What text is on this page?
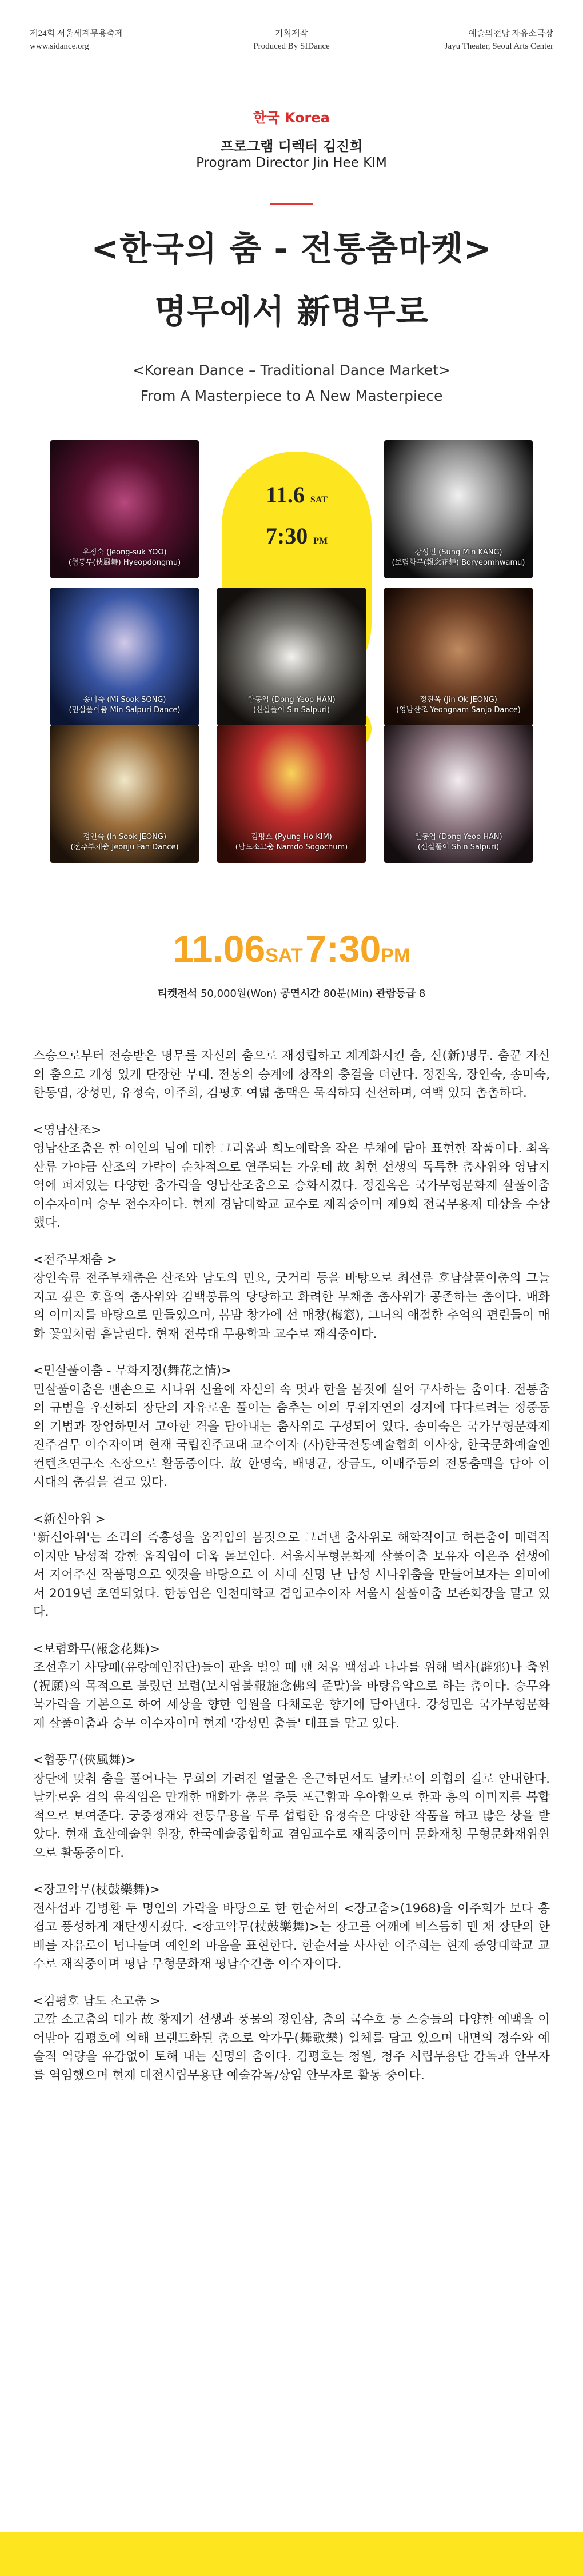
제24회 서울세계무용축제
www.sidance.org
기획제작
Produced By SIDance
예술의전당 자유소극장
Jayu Theater, Seoul Arts Center
한국 Korea
프로그램 디렉터 김진희
Program Director Jin Hee KIM
<한국의 춤 - 전통춤마켓>
명무에서 新명무로
<Korean Dance – Traditional Dance Market>
From A Masterpiece to A New Masterpiece
11.6 SAT
7:30 PM
유정숙 (Jeong-suk YOO)
(협동무(俠風舞) Hyeopdongmu)
강성민 (Sung Min KANG)
(보렴화무(報念花舞) Boryeomhwamu)
송미숙 (Mi Sook SONG)
(민살풀이춤 Min Salpuri Dance)
한동엽 (Dong Yeop HAN)
(신살풀이 Sin Salpuri)
정진옥 (Jin Ok JEONG)
(영남산조 Yeongnam Sanjo Dance)
정인숙 (In Sook JEONG)
(전주부채춤 Jeonju Fan Dance)
김평호 (Pyung Ho KIM)
(남도소고춤 Namdo Sogochum)
한동엽 (Dong Yeop HAN)
(신살풀이 Shin Salpuri)
11.06SAT 7:30PM
티켓전석 50,000원(Won) 공연시간 80분(Min) 관람등급 8

스승으로부터 전승받은 명무를 자신의 춤으로 재정립하고 체계화시킨 춤, 신(新)명무. 춤꾼 자신의 춤으로 개성 있게 단장한 무대. 전통의 승계에 창작의 충결을 더한다. 정진옥, 장인숙, 송미숙, 한동엽, 강성민, 유정숙, 이주희, 김평호 여덟 춤맥은 묵직하되 신선하며, 여백 있되 촘촘하다.

<영남산조>

영남산조춤은 한 여인의 님에 대한 그리움과 희노애락을 작은 부채에 담아 표현한 작품이다. 최옥산류 가야금 산조의 가락이 순차적으로 연주되는 가운데 故 최현 선생의 독특한 춤사위와 영남지역에 퍼져있는 다양한 춤가락을 영남산조춤으로 승화시켰다. 정진옥은 국가무형문화재 살풀이춤 이수자이며 승무 전수자이다. 현재 경남대학교 교수로 재직중이며 제9회 전국무용제 대상을 수상했다.

<전주부채춤 >

장인숙류 전주부채춤은 산조와 남도의 민요, 굿거리 등을 바탕으로 최선류 호남살풀이춤의 그늘지고 깊은 호흡의 춤사위와 김백봉류의 당당하고 화려한 부채춤 춤사위가 공존하는 춤이다. 매화의 이미지를 바탕으로 만들었으며, 봄밤 창가에 선 매창(梅窓), 그녀의 애절한 추억의 편린들이 매화 꽃잎처럼 흩날린다. 현재 전북대 무용학과 교수로 재직중이다.

<민살풀이춤 - 무화지정(舞花之情)>

민살풀이춤은 맨손으로 시나위 선율에 자신의 속 멋과 한을 몸짓에 실어 구사하는 춤이다. 전통춤의 규범을 우선하되 장단의 자유로운 풀이는 춤추는 이의 무위자연의 경지에 다다르려는 정중동의 기법과 장엄하면서 고아한 격을 담아내는 춤사위로 구성되어 있다. 송미숙은 국가무형문화재 진주검무 이수자이며 현재 국립진주교대 교수이자 (사)한국전통예술협회 이사장, 한국문화예술엔컨텐츠연구소 소장으로 활동중이다. 故 한영숙, 배명균, 장금도, 이매주등의 전통춤맥을 담아 이 시대의 춤길을 걷고 있다.

<新신아위 >

'新신아위'는 소리의 즉흥성을 움직임의 몸짓으로 그려낸 춤사위로 해학적이고 허튼춤이 매력적이지만 남성적 강한 움직임이 더욱 돋보인다. 서울시무형문화재 살풀이춤 보유자 이은주 선생에서 지어주신 작품명으로 옛것을 바탕으로 이 시대 신명 난 남성 시나위춤을 만들어보자는 의미에서 2019년 초연되었다. 한동엽은 인천대학교 겸임교수이자 서울시 살풀이춤 보존회장을 맡고 있다.

<보렴화무(報念花舞)>

조선후기 사당패(유랑예인집단)들이 판을 벌일 때 맨 처음 백성과 나라를 위해 벽사(辟邪)나 축원(祝願)의 목적으로 불렀던 보렴(보시염불報施念佛의 준말)을 바탕음악으로 하는 춤이다. 승무와 북가락을 기본으로 하여 세상을 향한 염원을 다채로운 향기에 담아낸다. 강성민은 국가무형문화재 살풀이춤과 승무 이수자이며 현재 '강성민 춤들' 대표를 맡고 있다.

<협풍무(俠風舞)>

장단에 맞춰 춤을 풀어나는 무희의 가려진 얼굴은 은근하면서도 날카로이 의협의 길로 안내한다. 날카로운 검의 움직임은 만개한 매화가 춤을 추듯 포근함과 우아함으로 한과 흥의 이미지를 복합적으로 보여준다. 궁중정재와 전통무용을 두루 섭렵한 유정숙은 다양한 작품을 하고 많은 상을 받았다. 현재 효산예술원 원장, 한국예술종합학교 겸임교수로 재직중이며 문화재청 무형문화재위원으로 활동중이다.

<장고악무(杖鼓樂舞)>

전사섭과 김병환 두 명인의 가락을 바탕으로 한 한순서의 <장고춤>(1968)을 이주희가 보다 흥겹고 풍성하게 재탄생시켰다. <장고악무(杖鼓樂舞)>는 장고를 어깨에 비스듬히 멘 채 장단의 한 배를 자유로이 넘나들며 예인의 마음을 표현한다. 한순서를 사사한 이주희는 현재 중앙대학교 교수로 재직중이며 평남 무형문화재 평남수건춤 이수자이다.

<김평호 남도 소고춤 >

고깔 소고춤의 대가 故 황재기 선생과 풍물의 정인삼, 춤의 국수호 등 스승들의 다양한 예맥을 이어받아 김평호에 의해 브랜드화된 춤으로 악가무(舞歌樂) 일체를 담고 있으며 내면의 정수와 예술적 역량을 유감없이 토해 내는 신명의 춤이다. 김평호는 청원, 청주 시립무용단 감독과 안무자를 역임했으며 현재 대전시립무용단 예술감독/상임 안무자로 활동 중이다.
